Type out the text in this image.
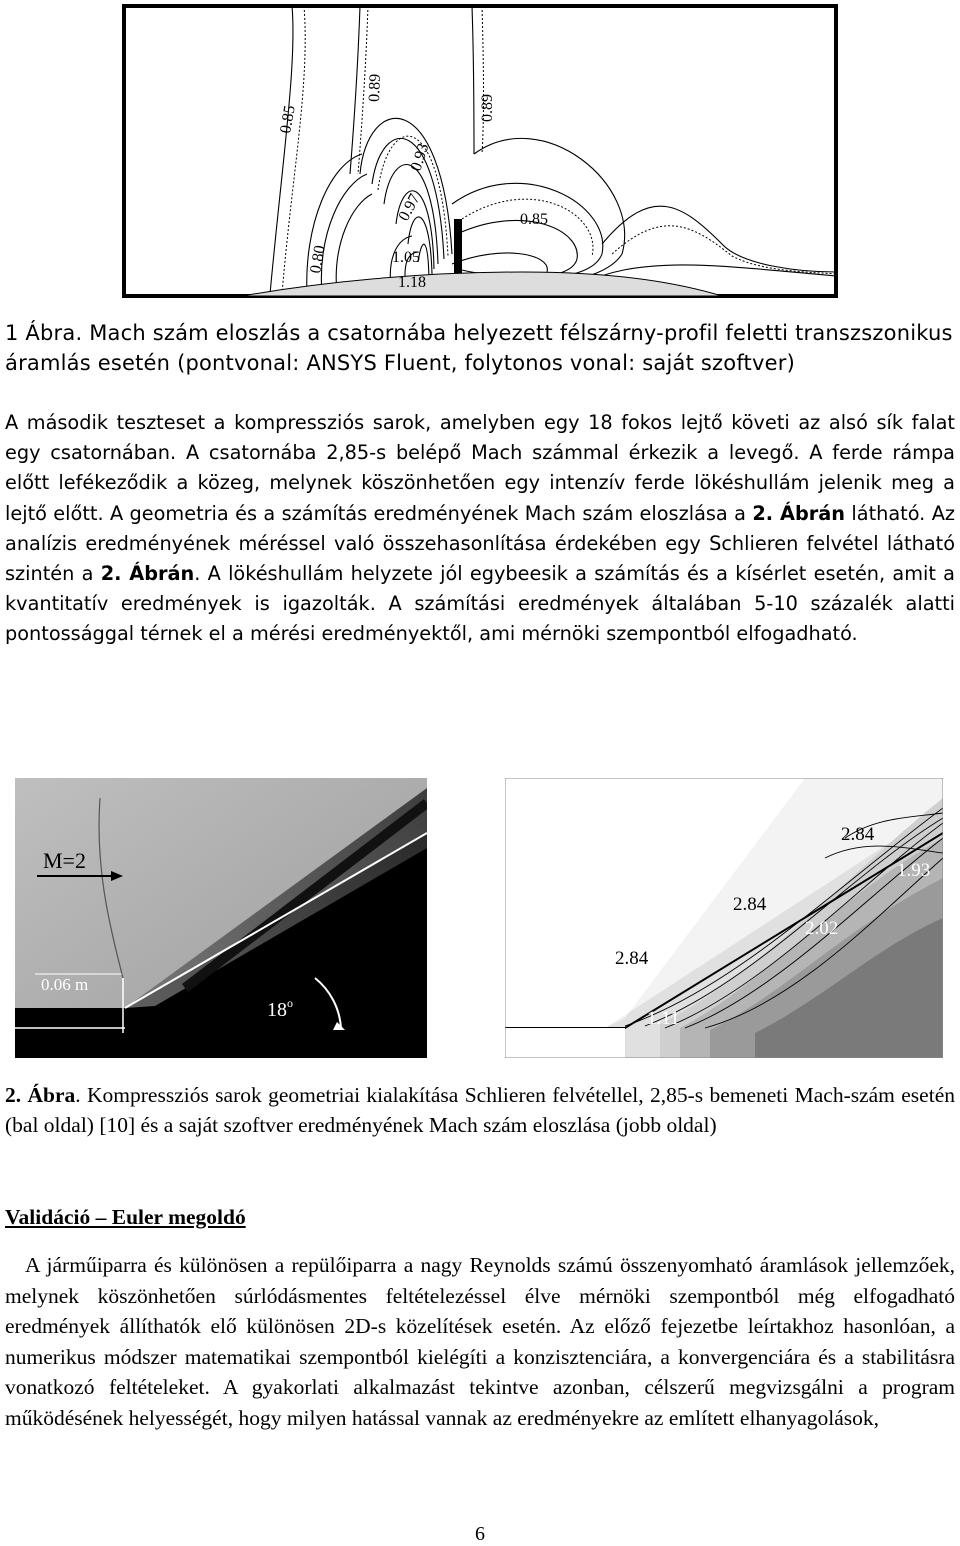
0.85
0.80
0.89
0.89
0.93
0.97
1.05
1.18
0.85
1 Ábra. Mach szám eloszlás a csatornába helyezett félszárny-profil feletti transzszonikus áramlás esetén (pontvonal: ANSYS Fluent, folytonos vonal: saját szoftver)
A második teszteset a kompressziós sarok, amelyben egy 18 fokos lejtő követi az alsó sík falat egy csatornában. A csatornába 2,85-s belépő Mach számmal érkezik a levegő. A ferde rámpa előtt lefékeződik a közeg, melynek köszönhetően egy intenzív ferde lökéshullám jelenik meg a lejtő előtt. A geometria és a számítás eredményének Mach szám eloszlása a 2. Ábrán látható. Az analízis eredményének méréssel való összehasonlítása érdekében egy Schlieren felvétel látható szintén a 2. Ábrán. A lökéshullám helyzete jól egybeesik a számítás és a kísérlet esetén, amit a kvantitatív eredmények is igazolták. A számítási eredmények általában 5-10 százalék alatti pontossággal térnek el a mérési eredményektől, ami mérnöki szempontból elfogadható.
M=2
0.06 m
18$^o$
2.84
1.93
2.84
2.02
2.84
1.11
2. Ábra. Kompressziós sarok geometriai kialakítása Schlieren felvétellel, 2,85-s bemeneti Mach-szám esetén (bal oldal) [10] és a saját szoftver eredményének Mach szám eloszlása (jobb oldal)
Validáció – Euler megoldó
A járműiparra és különösen a repülőiparra a nagy Reynolds számú összenyomható áramlások jellemzőek, melynek köszönhetően súrlódásmentes feltételezéssel élve mérnöki szempontból még elfogadható eredmények állíthatók elő különösen 2D-s közelítések esetén. Az előző fejezetbe leírtakhoz hasonlóan, a numerikus módszer matematikai szempontból kielégíti a konzisztenciára, a konvergenciára és a stabilitásra vonatkozó feltételeket. A gyakorlati alkalmazást tekintve azonban, célszerű megvizsgálni a program működésének helyességét, hogy milyen hatással vannak az eredményekre az említett elhanyagolások,
6
